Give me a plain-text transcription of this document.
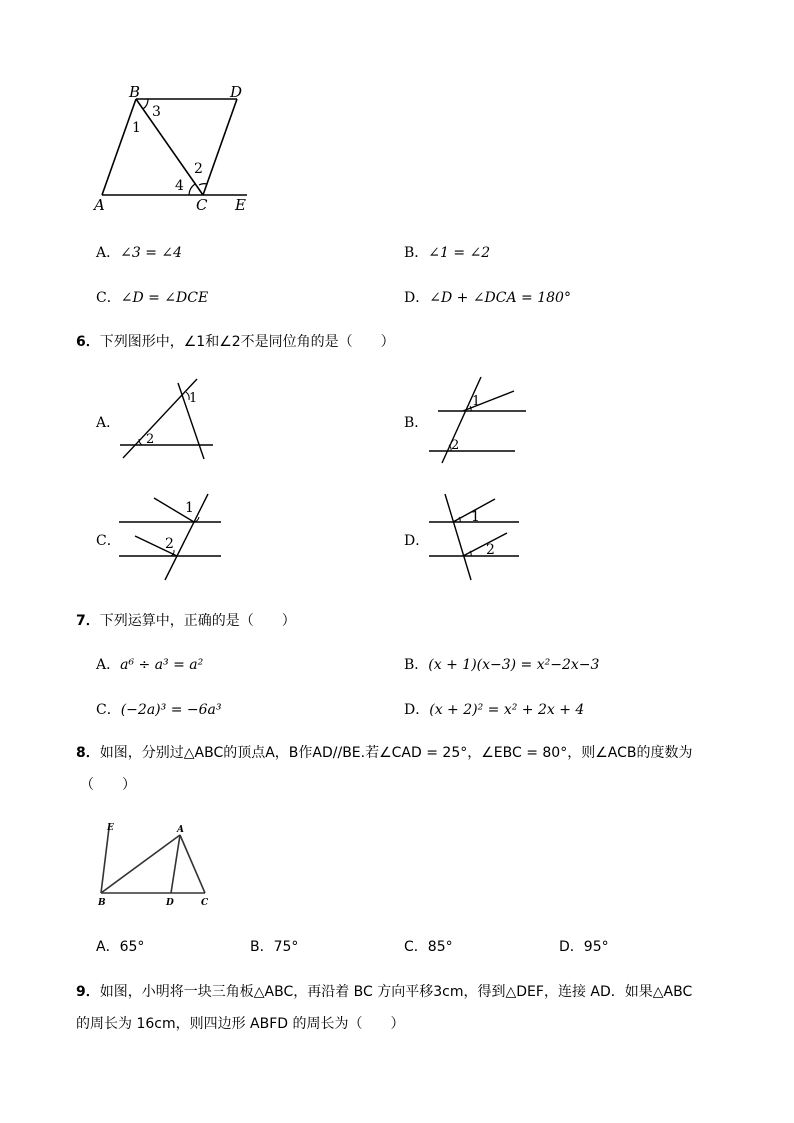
B	D
A	C E
1
3
2
4
A．∠3 = ∠4	B．∠1 = ∠2
C．∠D = ∠DCE	D．∠D + ∠DCA = 180°
6．下列图形中，∠1和∠2不是同位角的是（　　）
A．
1
2
B．
1
2
C．
1
2	D．
1
2
7．下列运算中，正确的是（　　）
A．a⁶ ÷ a³ = a²	B．(x + 1)(x−3) = x²−2x−3
C．(−2a)³ = −6a³	D．(x + 2)² = x² + 2x + 4
8．如图，分别过△ABC的顶点A，B作AD//BE.若∠CAD = 25°，∠EBC = 80°，则∠ACB的度数为
（　　）
E	A
B	D	C
A．65°	B．75°	C．85°	D．95°
9．如图，小明将一块三角板△ABC，再沿着 BC 方向平移3cm，得到△DEF，连接 AD．如果△ABC
的周长为 16cm，则四边形 ABFD 的周长为（　　）
